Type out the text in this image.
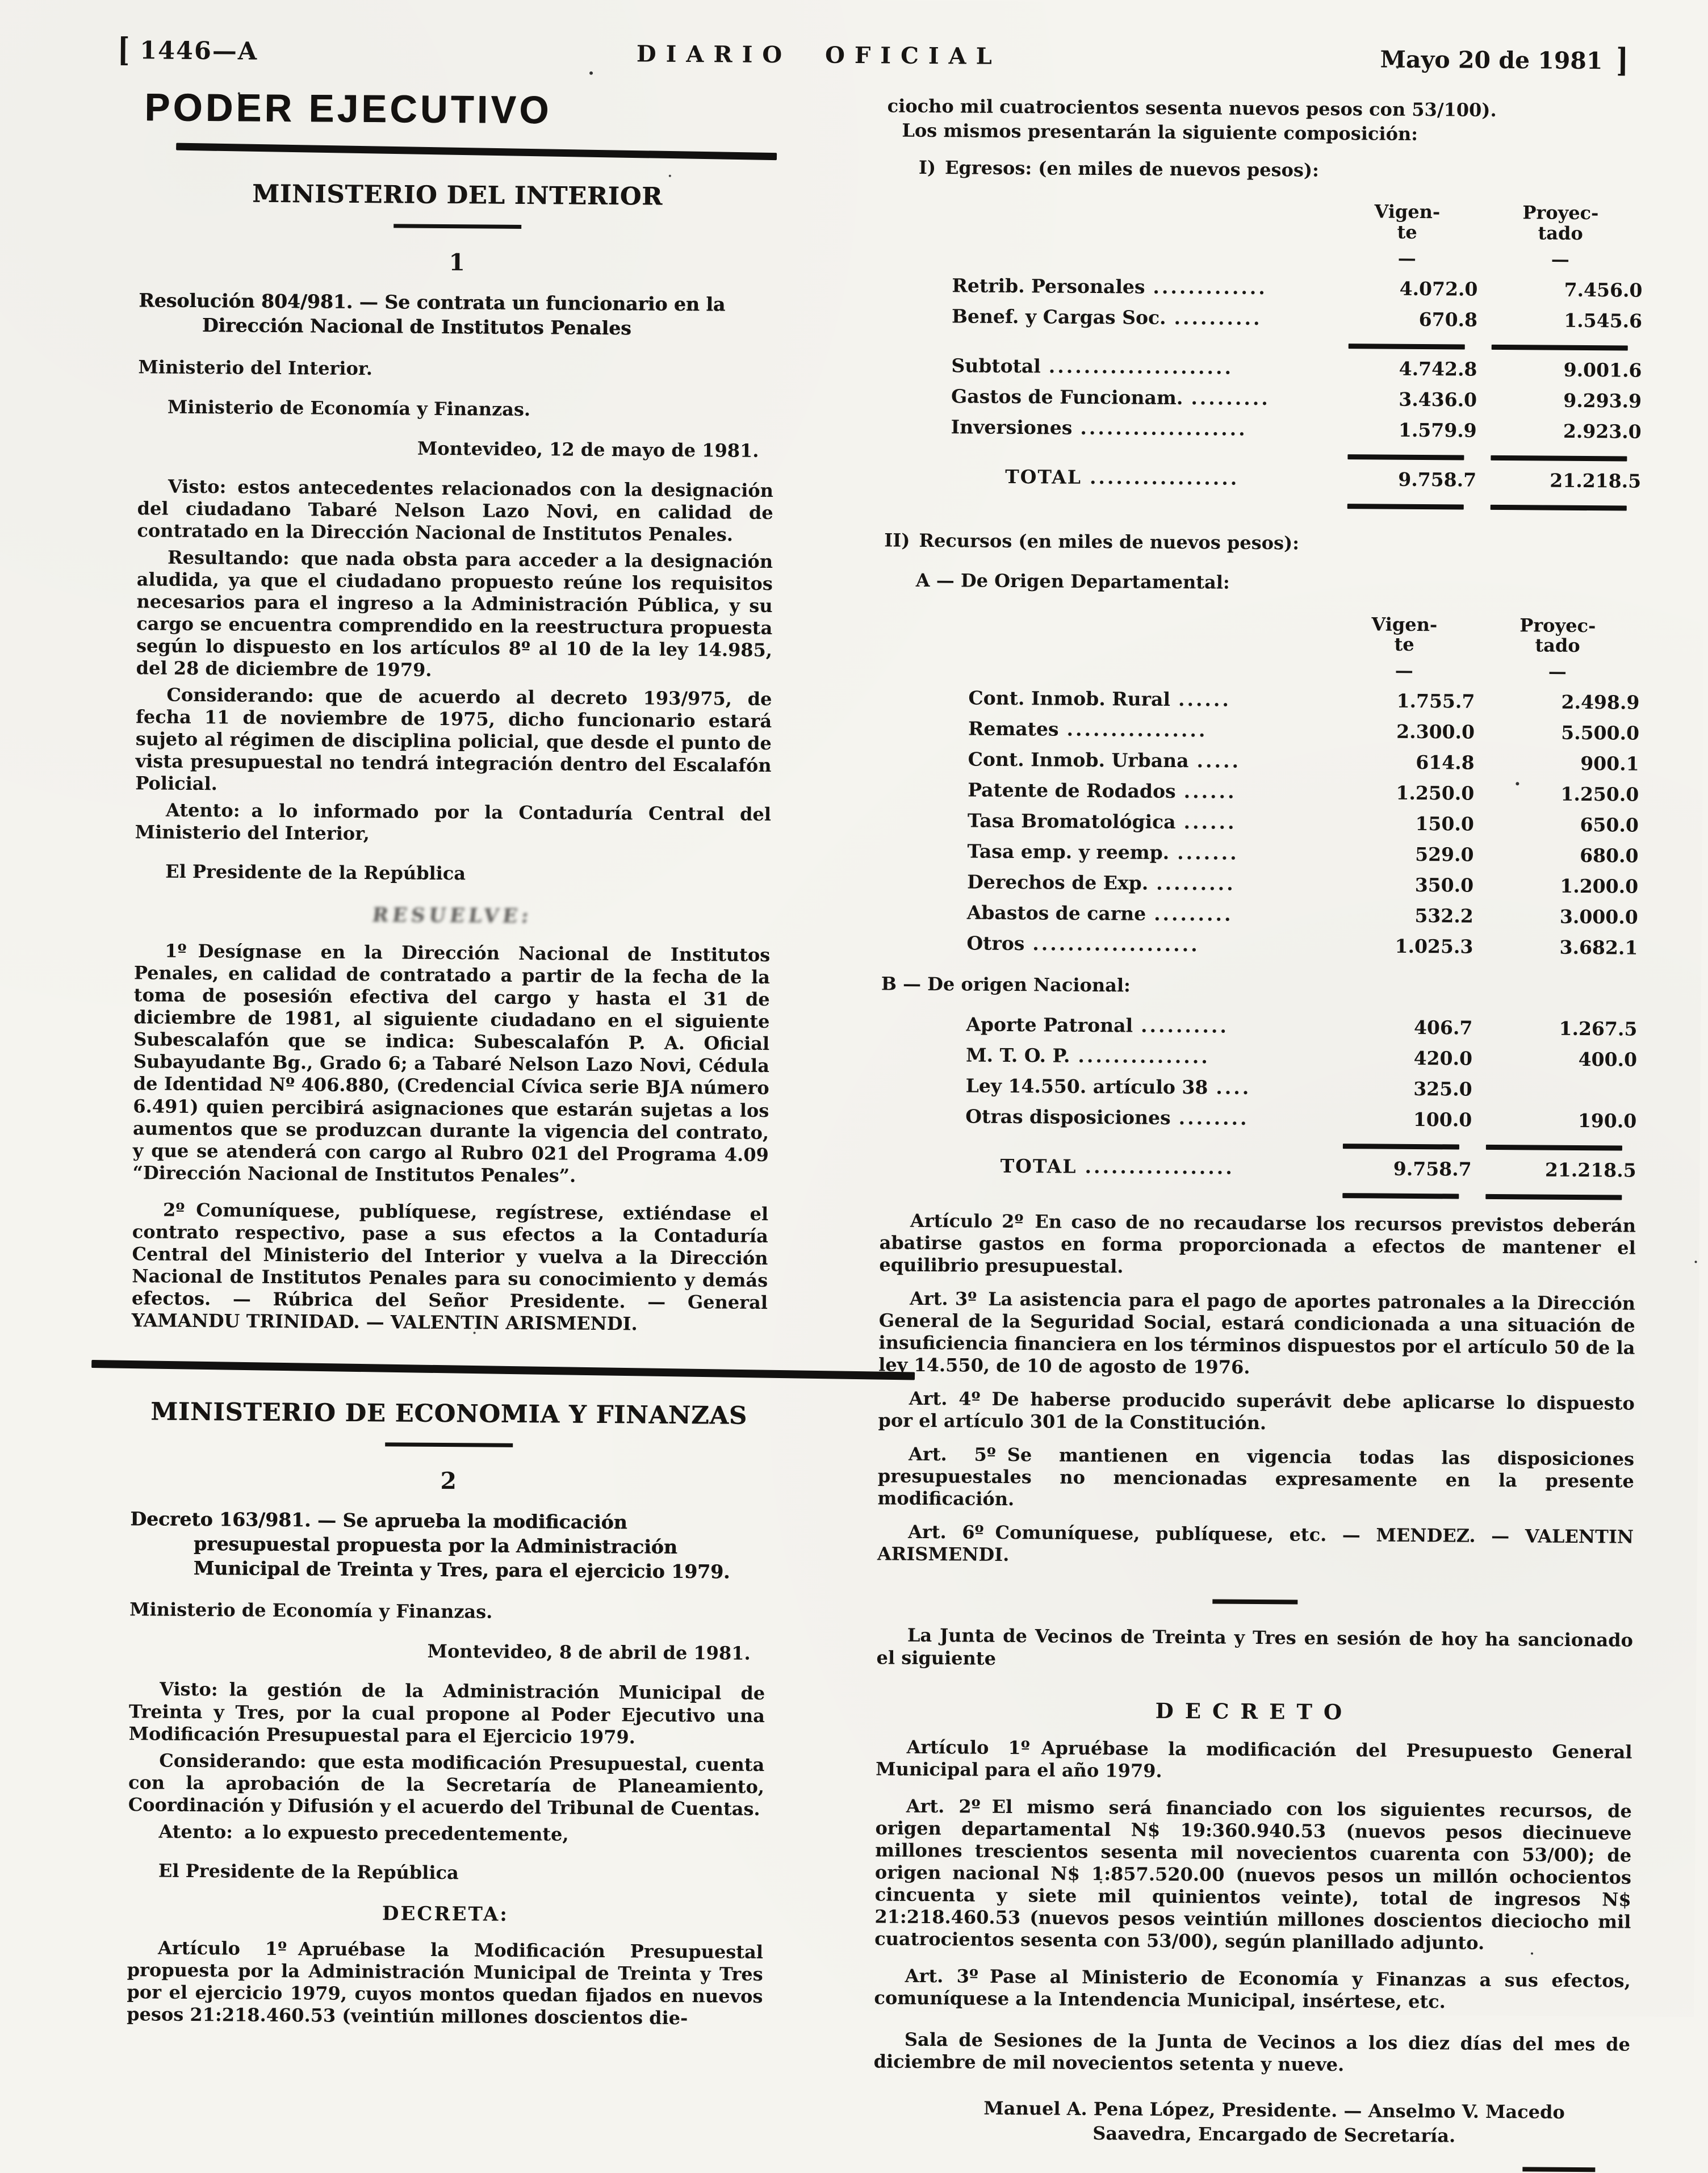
[ 1446—A	DIARIO OFICIAL	Mayo 20 de 1981 ]
PODER EJECUTIVO
MINISTERIO DEL INTERIOR
1

Resolución 804/981. — Se contrata un funcionario en la Dirección Nacional de Institutos Penales

Ministerio del Interior.

Ministerio de Economía y Finanzas.

Montevideo, 12 de mayo de 1981.

Visto: estos antecedentes relacionados con la designación del ciudadano Tabaré Nelson Lazo Novi, en calidad de contratado en la Dirección Nacional de Institutos Penales.

Resultando: que nada obsta para acceder a la designación aludida, ya que el ciudadano propuesto reúne los requisitos necesarios para el ingreso a la Administración Pública, y su cargo se encuentra comprendido en la reestructura propuesta según lo dispuesto en los artículos 8º al 10 de la ley 14.985, del 28 de diciembre de 1979.

Considerando: que de acuerdo al decreto 193/975, de fecha 11 de noviembre de 1975, dicho funcionario estará sujeto al régimen de disciplina policial, que desde el punto de vista presupuestal no tendrá integración dentro del Escalafón Policial.

Atento: a lo informado por la Contaduría Central del Ministerio del Interior,

El Presidente de la República

RESUELVE:

1º Desígnase en la Dirección Nacional de Institutos Penales, en calidad de contratado a partir de la fecha de la toma de posesión efectiva del cargo y hasta el 31 de diciembre de 1981, al siguiente ciudadano en el siguiente Subescalafón que se indica: Subescalafón P. A. Oficial Subayudante Bg., Grado 6; a Tabaré Nelson Lazo Novi, Cédula de Identidad Nº 406.880, (Credencial Cívica serie BJA número 6.491) quien percibirá asignaciones que estarán sujetas a los aumentos que se produzcan durante la vigencia del contrato, y que se atenderá con cargo al Rubro 021 del Programa 4.09 “Dirección Nacional de Institutos Penales”.

2º Comuníquese, publíquese, regístrese, extiéndase el contrato respectivo, pase a sus efectos a la Contaduría Central del Ministerio del Interior y vuelva a la Dirección Nacional de Institutos Penales para su conocimiento y demás efectos. — Rúbrica del Señor Presidente. — General YAMANDU TRINIDAD. — VALENTIN ARISMENDI.

MINISTERIO DE ECONOMIA Y FINANZAS
2

Decreto 163/981. — Se aprueba la modificación presupuestal propuesta por la Administración Municipal de Treinta y Tres, para el ejercicio 1979.

Ministerio de Economía y Finanzas.

Montevideo, 8 de abril de 1981.

Visto: la gestión de la Administración Municipal de Treinta y Tres, por la cual propone al Poder Ejecutivo una Modificación Presupuestal para el Ejercicio 1979.

Considerando: que esta modificación Presupuestal, cuenta con la aprobación de la Secretaría de Planeamiento, Coordinación y Difusión y el acuerdo del Tribunal de Cuentas.

Atento: a lo expuesto precedentemente,

El Presidente de la República

DECRETA:

Artículo 1º Apruébase la Modificación Presupuestal propuesta por la Administración Municipal de Treinta y Tres por el ejercicio 1979, cuyos montos quedan fijados en nuevos pesos 21:218.460.53 (veintiún millones doscientos die-

ciocho mil cuatrocientos sesenta nuevos pesos con 53/100).

Los mismos presentarán la siguiente composición:

I) Egresos: (en miles de nuevos pesos):

Vigen-
te
—
Proyec-
tado
—
Retrib. Personales .............	4.072.0	7.456.0
Benef. y Cargas Soc. ..........	670.8	1.545.6
Subtotal .....................	4.742.8	9.001.6
Gastos de Funcionam. .........	3.436.0	9.293.9
Inversiones ...................	1.579.9	2.923.0
TOTAL .................	9.758.7	21.218.5

II) Recursos (en miles de nuevos pesos):

A — De Origen Departamental:

Vigen-
te
—
Proyec-
tado
—
Cont. Inmob. Rural ......	1.755.7	2.498.9
Remates ................	2.300.0	5.500.0
Cont. Inmob. Urbana .....	614.8	900.1
Patente de Rodados ......	1.250.0	1.250.0
Tasa Bromatológica ......	150.0	650.0
Tasa emp. y reemp. .......	529.0	680.0
Derechos de Exp. .........	350.0	1.200.0
Abastos de carne .........	532.2	3.000.0
Otros ...................	1.025.3	3.682.1

B — De origen Nacional:

Aporte Patronal ..........	406.7	1.267.5
M. T. O. P. ...............	420.0	400.0
Ley 14.550. artículo 38 ....	325.0
Otras disposiciones ........	100.0	190.0
TOTAL .................	9.758.7	21.218.5

Artículo 2º En caso de no recaudarse los recursos previstos deberán abatirse gastos en forma proporcionada a efectos de mantener el equilibrio presupuestal.

Art. 3º La asistencia para el pago de aportes patronales a la Dirección General de la Seguridad Social, estará condicionada a una situación de insuficiencia financiera en los términos dispuestos por el artículo 50 de la ley 14.550, de 10 de agosto de 1976.

Art. 4º De haberse producido superávit debe aplicarse lo dispuesto por el artículo 301 de la Constitución.

Art. 5º Se mantienen en vigencia todas las disposiciones presupuestales no mencionadas expresamente en la presente modificación.

Art. 6º Comuníquese, publíquese, etc. — MENDEZ. — VALENTIN ARISMENDI.

La Junta de Vecinos de Treinta y Tres en sesión de hoy ha sancionado el siguiente

DECRETO

Artículo 1º Apruébase la modificación del Presupuesto General Municipal para el año 1979.

Art. 2º El mismo será financiado con los siguientes recursos, de origen departamental N$ 19:360.940.53 (nuevos pesos diecinueve millones trescientos sesenta mil novecientos cuarenta con 53/00); de origen nacional N$ 1:857.520.00 (nuevos pesos un millón ochocientos cincuenta y siete mil quinientos veinte), total de ingresos N$ 21:218.460.53 (nuevos pesos veintiún millones doscientos dieciocho mil cuatrocientos sesenta con 53/00), según planillado adjunto.

Art. 3º Pase al Ministerio de Economía y Finanzas a sus efectos, comuníquese a la Intendencia Municipal, insértese, etc.

Sala de Sesiones de la Junta de Vecinos a los diez días del mes de diciembre de mil novecientos setenta y nueve.

Manuel A. Pena López, Presidente. — Anselmo V. Macedo Saavedra, Encargado de Secretaría.
